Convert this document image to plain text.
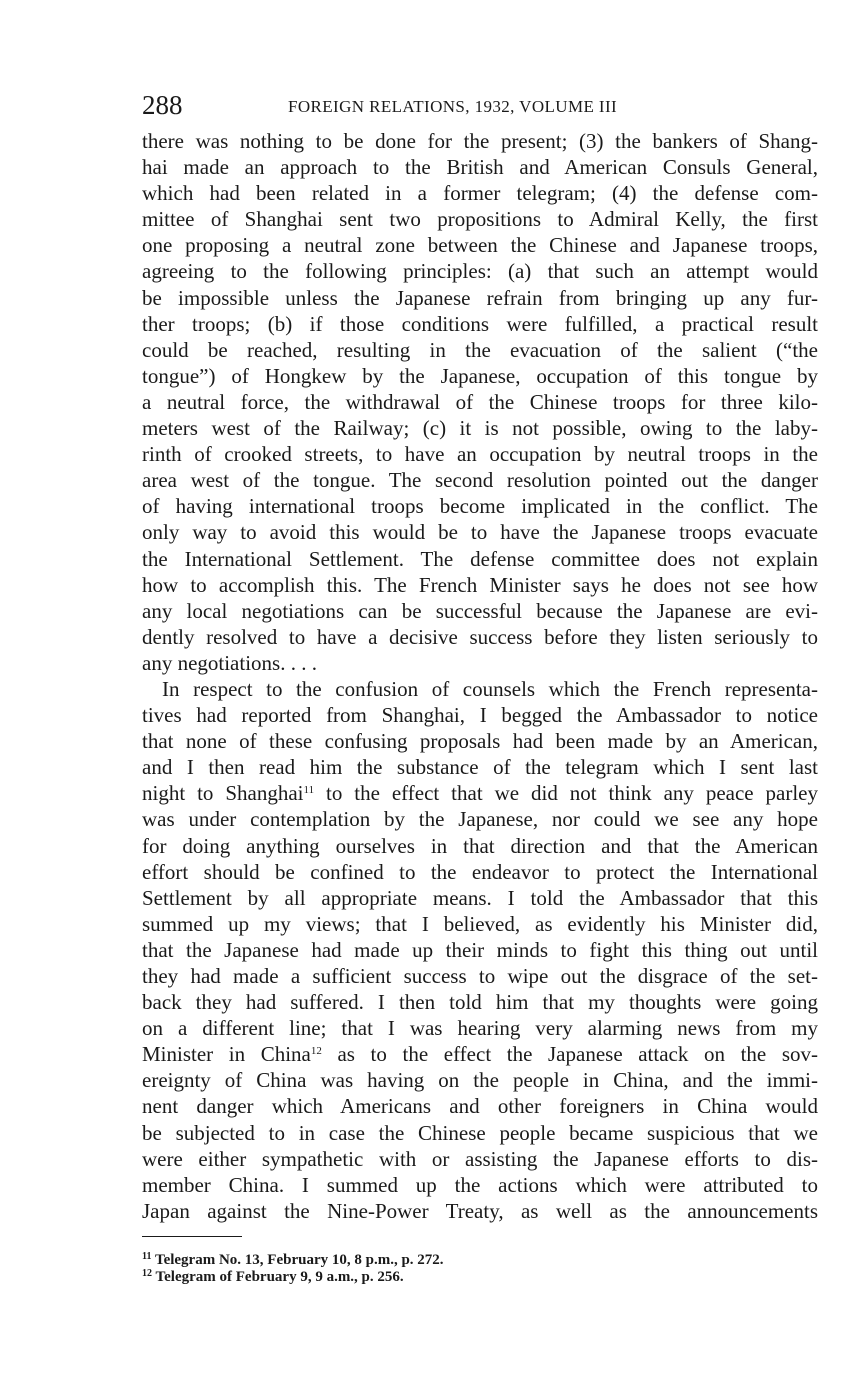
288	FOREIGN RELATIONS, 1932, VOLUME III
there was nothing to be done for the present; (3) the bankers of Shang-
hai made an approach to the British and American Consuls General,
which had been related in a former telegram; (4) the defense com-
mittee of Shanghai sent two propositions to Admiral Kelly, the first
one proposing a neutral zone between the Chinese and Japanese troops,
agreeing to the following principles: (a) that such an attempt would
be impossible unless the Japanese refrain from bringing up any fur-
ther troops; (b) if those conditions were fulfilled, a practical result
could be reached, resulting in the evacuation of the salient (“the
tongue”) of Hongkew by the Japanese, occupation of this tongue by
a neutral force, the withdrawal of the Chinese troops for three kilo-
meters west of the Railway; (c) it is not possible, owing to the laby-
rinth of crooked streets, to have an occupation by neutral troops in the
area west of the tongue. The second resolution pointed out the danger
of having international troops become implicated in the conflict. The
only way to avoid this would be to have the Japanese troops evacuate
the International Settlement. The defense committee does not explain
how to accomplish this. The French Minister says he does not see how
any local negotiations can be successful because the Japanese are evi-
dently resolved to have a decisive success before they listen seriously to
any negotiations. . . .
In respect to the confusion of counsels which the French representa-
tives had reported from Shanghai, I begged the Ambassador to notice
that none of these confusing proposals had been made by an American,
and I then read him the substance of the telegram which I sent last
night to Shanghai$^{11}$ to the effect that we did not think any peace parley
was under contemplation by the Japanese, nor could we see any hope
for doing anything ourselves in that direction and that the American
effort should be confined to the endeavor to protect the International
Settlement by all appropriate means. I told the Ambassador that this
summed up my views; that I believed, as evidently his Minister did,
that the Japanese had made up their minds to fight this thing out until
they had made a sufficient success to wipe out the disgrace of the set-
back they had suffered. I then told him that my thoughts were going
on a different line; that I was hearing very alarming news from my
Minister in China$^{12}$ as to the effect the Japanese attack on the sov-
ereignty of China was having on the people in China, and the immi-
nent danger which Americans and other foreigners in China would
be subjected to in case the Chinese people became suspicious that we
were either sympathetic with or assisting the Japanese efforts to dis-
member China. I summed up the actions which were attributed to
Japan against the Nine-Power Treaty, as well as the announcements
$^{11}$ Telegram No. 13, February 10, 8 p.m., p. 272.
$^{12}$ Telegram of February 9, 9 a.m., p. 256.
